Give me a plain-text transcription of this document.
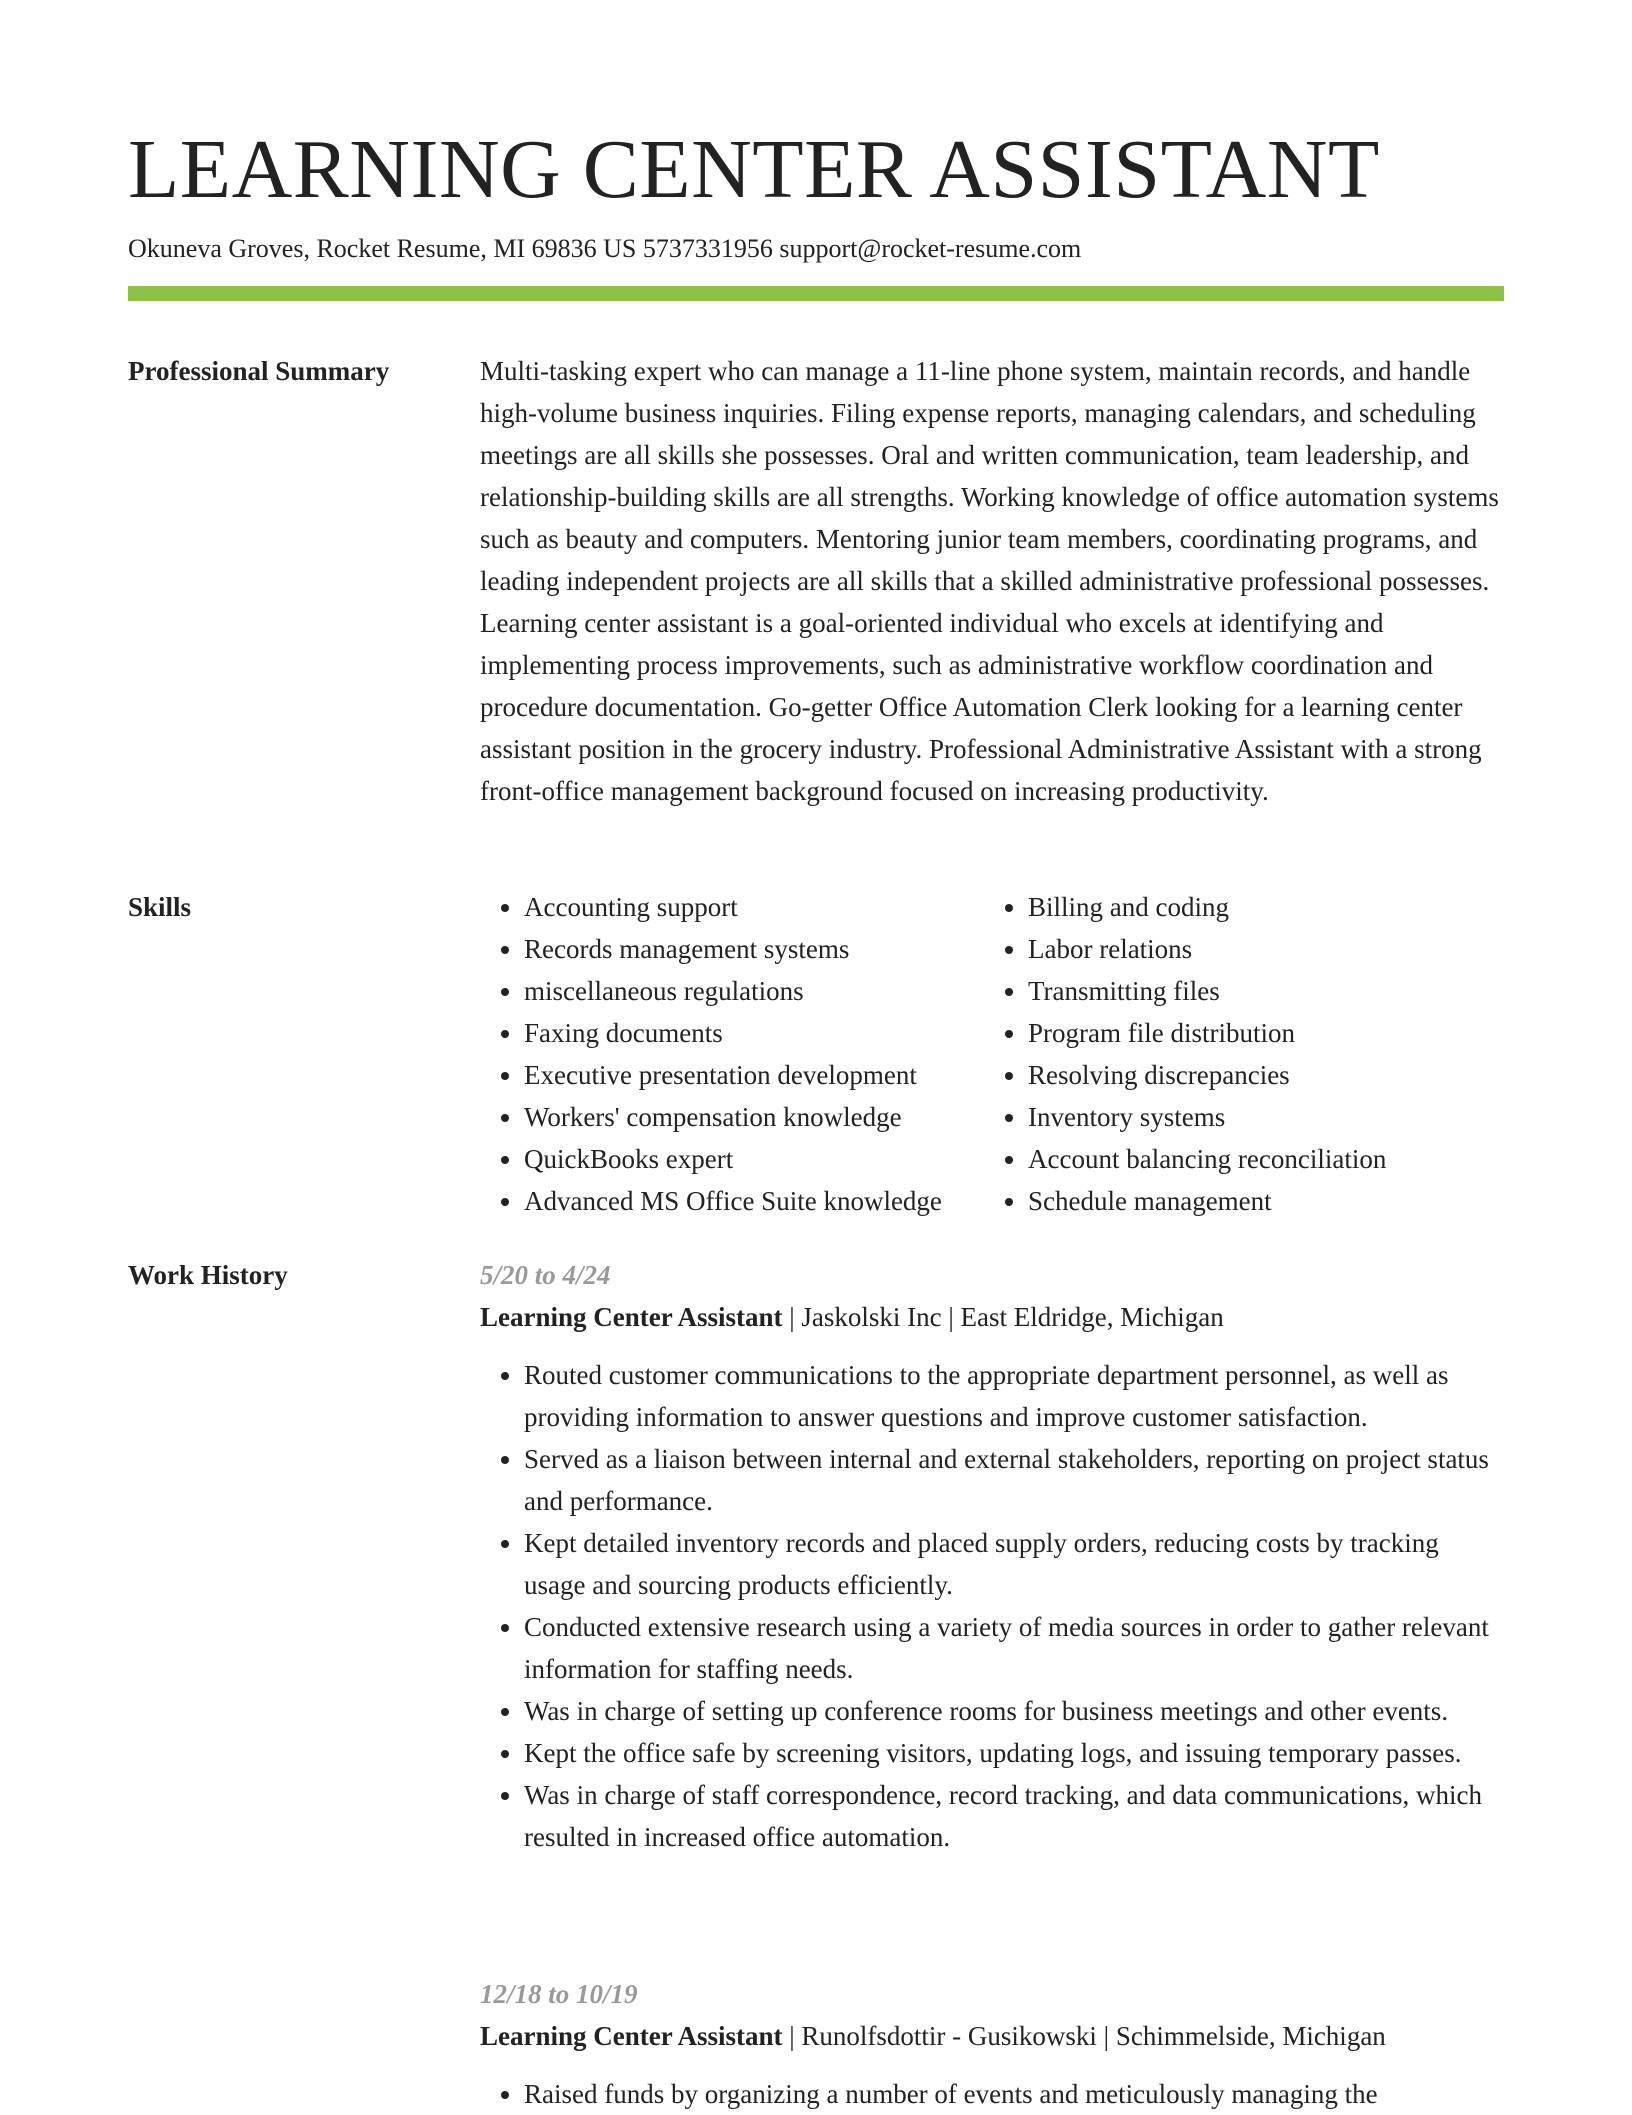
LEARNING CENTER ASSISTANT
Okuneva Groves, Rocket Resume, MI 69836 US 5737331956 support@rocket-resume.com
Professional Summary	Multi-tasking expert who can manage a 11-line phone system, maintain records, and handle high-volume business inquiries. Filing expense reports, managing calendars, and scheduling meetings are all skills she possesses. Oral and written communication, team leadership, and relationship-building skills are all strengths. Working knowledge of office automation systems such as beauty and computers. Mentoring junior team members, coordinating programs, and leading independent projects are all skills that a skilled administrative professional possesses. Learning center assistant is a goal-oriented individual who excels at identifying and implementing process improvements, such as administrative workflow coordination and procedure documentation. Go-getter Office Automation Clerk looking for a learning center assistant position in the grocery industry. Professional Administrative Assistant with a strong front-office management background focused on increasing productivity.

Skills
•	Accounting support
• Records management systems
• miscellaneous regulations
• Faxing documents
• Executive presentation development
• Workers' compensation knowledge
• QuickBooks expert
• Advanced MS Office Suite knowledge
• Billing and coding
• Labor relations
• Transmitting files
• Program file distribution
• Resolving discrepancies
• Inventory systems
• Account balancing reconciliation
• Schedule management
Work History	5/20 to 4/24
Learning Center Assistant | Jaskolski Inc | East Eldridge, Michigan
• Routed customer communications to the appropriate department personnel, as well as providing information to answer questions and improve customer satisfaction.
• Served as a liaison between internal and external stakeholders, reporting on project status and performance.
• Kept detailed inventory records and placed supply orders, reducing costs by tracking usage and sourcing products efficiently.
• Conducted extensive research using a variety of media sources in order to gather relevant information for staffing needs.
• Was in charge of setting up conference rooms for business meetings and other events.
• Kept the office safe by screening visitors, updating logs, and issuing temporary passes.
• Was in charge of staff correspondence, record tracking, and data communications, which resulted in increased office automation.
12/18 to 10/19
Learning Center Assistant | Runolfsdottir - Gusikowski | Schimmelside, Michigan
• Raised funds by organizing a number of events and meticulously managing the
